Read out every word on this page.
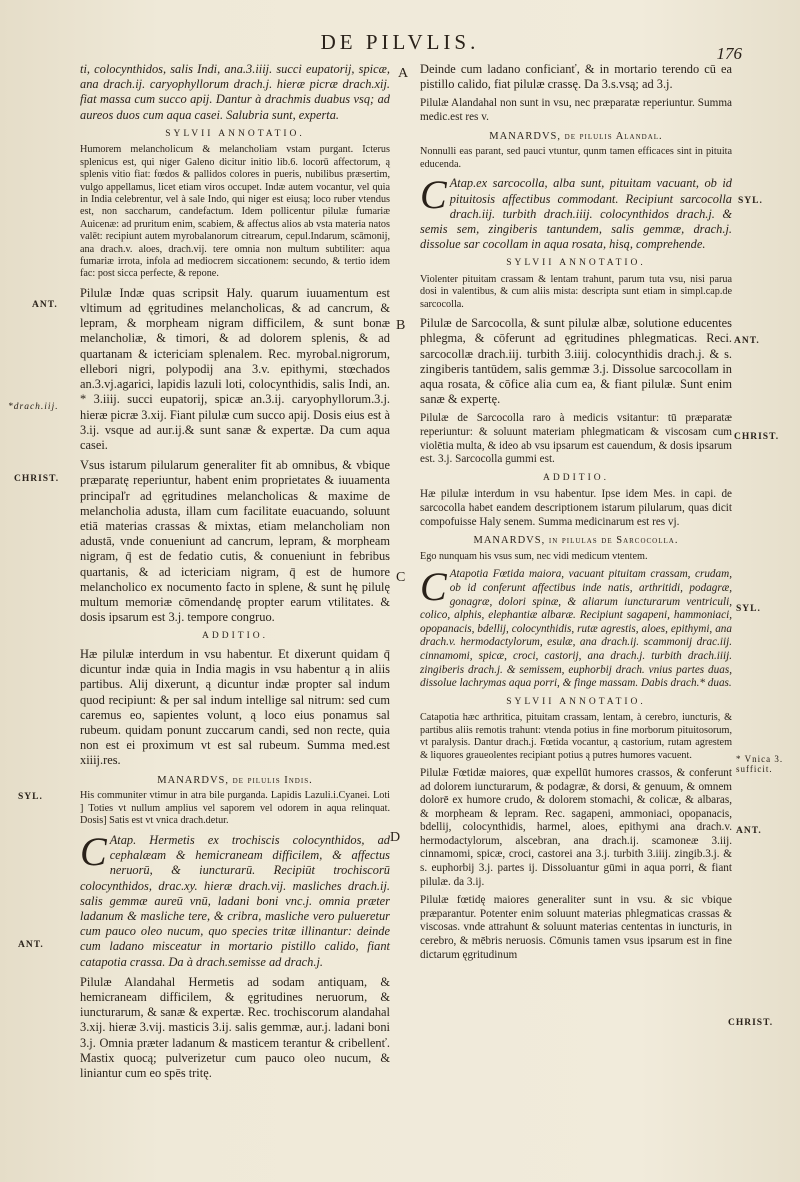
DE PILVLIS.	176
A
B
C
D
ANT.
*drach.iij.
CHRIST.
SYL.
ANT.
SYL.
ANT.
CHRIST.
SYL.
* Vnica 3. sufficit.
ANT.
CHRIST.
ti, colocynthidos, salis Indi, ana.3.iiij. succi eupatorij, spicæ, ana drach.ij. caryophyllorum drach.j. hieræ picræ drach.xij. fiat massa cum succo apij. Dantur à drachmis duabus vsq; ad aureos duos cum aqua casei. Salubria sunt, experta.
SYLVII ANNOTATIO.
Humorem melancholicum & melancholiam vstam purgant. Icterus splenicus est, qui niger Galeno dicitur initio lib.6. locorū affectorum, ą splenis vitio fiat: fœdos & pallidos colores in pueris, nubilibus præsertim, vulgo appellamus, licet etiam viros occupet. Indæ autem vocantur, vel quia in India celebrentur, vel à sale Indo, qui niger est eiusą; loco ruber vtendus est, non saccharum, candefactum. Idem pollicentur pilulæ fumariæ Auicenæ: ad pruritum enim, scabiem, & affectus alios ab vsta materia natos valēt: recipiunt autem myrobalanorum citrearum, cepul.Indarum, scāmonij, ana drach.v. aloes, drach.vij. tere omnia non multum subtiliter: aqua fumariæ irrota, infola ad mediocrem siccationem: secundo, & tertio idem fac: post sicca perfecte, & repone.
Pilulæ Indæ quas scripsit Haly. quarum iuuamentum est vltimum ad ęgritudines melancholicas, & ad cancrum, & lepram, & morpheam nigram difficilem, & sunt bonæ melancholiæ, & timori, & ad dolorem splenis, & ad quartanam & ictericiam splenalem. Rec. myrobal.nigrorum, ellebori nigri, polypodij ana 3.v. epithymi, stœchados an.3.vj.agarici, lapidis lazuli loti, colocynthidis, salis Indi, an. * 3.iiij. succi eupatorij, spicæ an.3.ij. caryophyllorum.3.j. hieræ picræ 3.xij. Fiant pilulæ cum succo apij. Dosis eius est à 3.ij. vsque ad aur.ij.& sunt sanæ & expertæ. Da cum aqua casei.
Vsus istarum pilularum generaliter fit ab omnibus, & vbique præparatę reperiuntur, habent enim proprietates & iuuamenta principaľr ad ęgritudines melancholicas & maxime de melancholia adusta, illam cum facilitate euacuando, soluunt etiā materias crassas & mixtas, etiam melancholiam non adustā, vnde conueniunt ad cancrum, lepram, & morpheam nigram, q̄ est de fedatio cutis, & conueniunt in febribus quartanis, & ad ictericiam nigram, q̄ est de humore melancholico ex nocumento facto in splene, & sunt hę pilulę multum memoriæ cōmendandę propter earum vtilitates. & dosis ipsarum est 3.j. tempore congruo.
ADDITIO.
Hæ pilulæ interdum in vsu habentur. Et dixerunt quidam q̄ dicuntur indæ quia in India magis in vsu habentur ą in aliis partibus. Alij dixerunt, ą dicuntur indæ propter sal indum quod recipiunt: & per sal indum intellige sal nitrum: sed cum caremus eo, sapientes volunt, ą loco eius ponamus sal rubeum. quidam ponunt zuccarum candi, sed non recte, quia non est ei proximum vt est sal rubeum. Summa med.est xiiij.res.
MANARDVS, de pilulis Indis.
His communiter vtimur in atra bile purganda. Lapidis Lazuli.i.Cyanei. Loti ] Toties vt nullum amplius vel saporem vel odorem in aqua relinquat. Dosis] Satis est vt vnica drach.detur.
C Atap. Hermetis ex trochiscis colocynthidos, ad cephalæam & hemicraneam difficilem, & affectus neruorū, & iuncturarū. Recipiūt trochiscorū colocynthidos, drac.xy. hieræ drach.vij. masliches drach.ij. salis gemmæ aureū vnū, ladani boni vnc.j. omnia præter ladanum & masliche tere, & cribra, masliche vero pulueretur cum pauco oleo nucum, quo species tritæ illinantur: deinde cum ladano misceatur in mortario pistillo calido, fiant catapotia crassa. Da à drach.semisse ad drach.j.
Pilulæ Alandahal Hermetis ad sodam antiquam, & hemicraneam difficilem, & ęgritudines neruorum, & iuncturarum, & sanæ & expertæ. Rec. trochiscorum alandahal 3.xij. hieræ 3.vij. masticis 3.ij. salis gemmæ, aur.j. ladani boni 3.j. Omnia præter ladanum & masticem terantur & cribellenť. Mastix quocą; pulverizetur cum pauco oleo nucum, & liniantur cum eo spēs tritę.
Deinde cum ladano conficianť, & in mortario terendo cū ea pistillo calido, fiat pilulæ crassę. Da 3.s.vsą; ad 3.j.
Pilulæ Alandahal non sunt in vsu, nec præparatæ reperiuntur. Summa medic.est res v.
MANARDVS, de pilulis Alandal.
Nonnulli eas parant, sed pauci vtuntur, qunm tamen efficaces sint in pituita educenda.
C Atap.ex sarcocolla, alba sunt, pituitam vacuant, ob id pituitosis affectibus commodant. Recipiunt sarcocolla drach.iij. turbith drach.iiij. colocynthidos drach.j. & semis sem, zingiberis tantundem, salis gemmæ, drach.j. dissolue sar cocollam in aqua rosata, hisą, comprehende.
SYLVII ANNOTATIO.
Violenter pituitam crassam & lentam trahunt, parum tuta vsu, nisi parua dosi in valentibus, & cum aliis mista: descripta sunt etiam in simpl.cap.de sarcocolla.
Pilulæ de Sarcocolla, & sunt pilulæ albæ, solutione educentes phlegma, & cōferunt ad ęgritudines phlegmaticas. Reci. sarcocollæ drach.iij. turbith 3.iiij. colocynthidis drach.j. & s. zingiberis tantūdem, salis gemmæ 3.j. Dissolue sarcocollam in aqua rosata, & cōfice alia cum ea, & fiant pilulæ. Sunt enim sanæ & expertę.
Pilulæ de Sarcocolla raro à medicis vsitantur: tū præparatæ reperiuntur: & soluunt materiam phlegmaticam & viscosam cum violētia multa, & ideo ab vsu ipsarum est cauendum, & dosis ipsarum est. 3.j. Sarcocolla gummi est.
ADDITIO.
Hæ pilulæ interdum in vsu habentur. Ipse idem Mes. in capi. de sarcocolla habet eandem descriptionem istarum pilularum, quas dicit compofuisse Haly senem. Summa medicinarum est res vj.
MANARDVS, in pilulas de Sarcocolla.
Ego nunquam his vsus sum, nec vidi medicum vtentem.
C Atapotia Fœtida maiora, vacuant pituitam crassam, crudam, ob id conferunt affectibus inde natis, arthritidi, podagræ, gonagræ, dolori spinæ, & aliarum iuncturarum ventriculi, colico, alphis, elephantiæ albaræ. Recipiunt sagapeni, hammoniaci, opopanacis, bdellij, colocynthidis, rutæ agrestis, aloes, epithymi, ana drach.v. hermodactylorum, esulæ, ana drach.ij. scammonij drac.iij. cinnamomi, spicæ, croci, castorij, ana drach.j. turbith drach.iiij. zingiberis drach.j. & semissem, euphorbij drach. vnius partes duas, dissolue lachrymas aqua porri, & finge massam. Dabis drach.* duas.
SYLVII ANNOTATIO.
Catapotia hæc arthritica, pituitam crassam, lentam, à cerebro, iuncturis, & partibus aliis remotis trahunt: vtenda potius in fine morborum pituitosorum, vt paralysis. Dantur drach.j. Fœtida vocantur, ą castorium, rutam agrestem & liquores graueolentes recipiant potius ą putres humores vacuent.
Pilulæ Fœtidæ maiores, quæ expellūt humores crassos, & conferunt ad dolorem iuncturarum, & podagræ, & dorsi, & genuum, & omnem dolorē ex humore crudo, & dolorem stomachi, & colicæ, & albaras, & morpheam & lepram. Rec. sagapeni, ammoniaci, opopanacis, bdellij, colocynthidis, harmel, aloes, epithymi ana drach.v. hermodactylorum, alscebran, ana drach.ij. scamoneæ 3.iij. cinnamomi, spicæ, croci, castorei ana 3.j. turbith 3.iiij. zingib.3.j. & s. euphorbij 3.j. partes ij. Dissoluantur gūmi in aqua porri, & fiant pilulæ. da 3.ij.
Pilulæ fœtidę maiores generaliter sunt in vsu. & sic vbique præparantur. Potenter enim soluunt materias phlegmaticas crassas & viscosas. vnde attrahunt & soluunt materias cententas in iuncturis, in cerebro, & mēbris neruosis. Cōmunis tamen vsus ipsarum est in fine dictarum ęgritudinum
